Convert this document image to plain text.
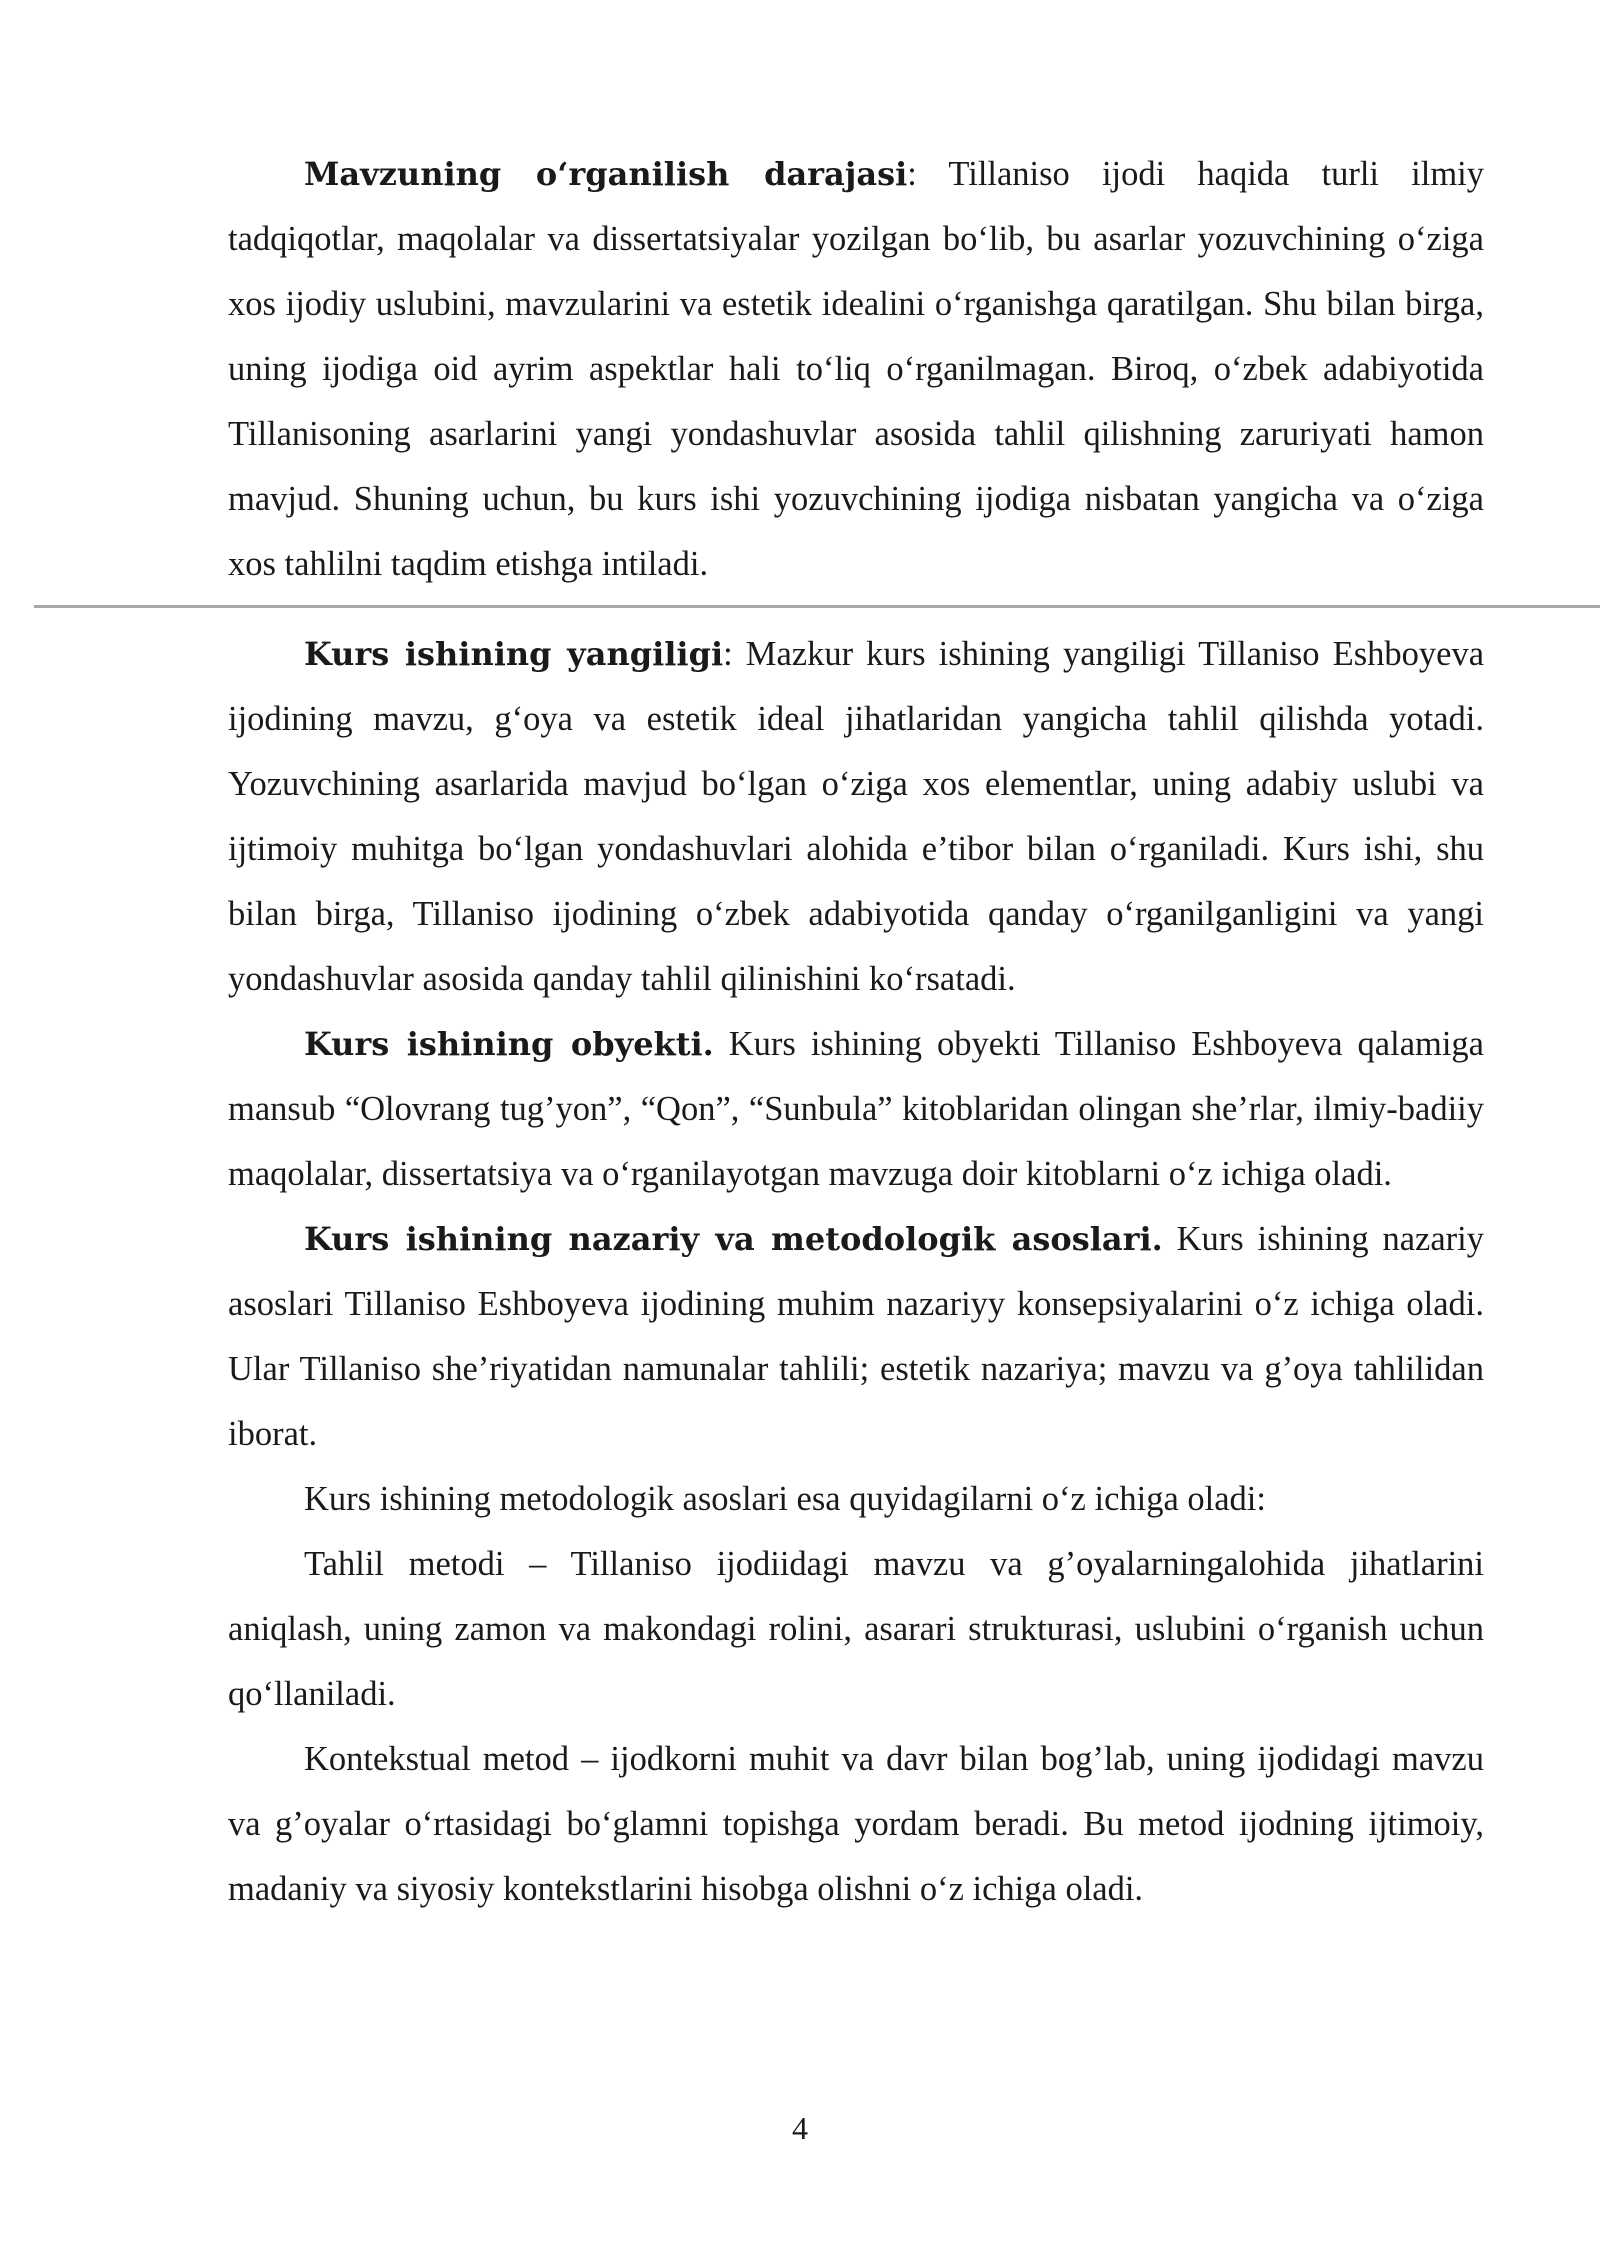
Mavzuning oʻrganilish darajasi: Tillaniso ijodi haqida turli ilmiy tadqiqotlar, maqolalar va dissertatsiyalar yozilgan boʻlib, bu asarlar yozuvchining oʻziga xos ijodiy uslubini, mavzularini va estetik idealini oʻrganishga qaratilgan. Shu bilan birga, uning ijodiga oid ayrim aspektlar hali toʻliq oʻrganilmagan. Biroq, oʻzbek adabiyotida Tillanisoning asarlarini yangi yondashuvlar asosida tahlil qilishning zaruriyati hamon mavjud. Shuning uchun, bu kurs ishi yozuvchining ijodiga nisbatan yangicha va oʻziga xos tahlilni taqdim etishga intiladi.

Kurs ishining yangiligi: Mazkur kurs ishining yangiligi Tillaniso Eshboyeva ijodining mavzu, gʻoya va estetik ideal jihatlaridan yangicha tahlil qilishda yotadi. Yozuvchining asarlarida mavjud boʻlgan oʻziga xos elementlar, uning adabiy uslubi va ijtimoiy muhitga boʻlgan yondashuvlari alohida e’tibor bilan oʻrganiladi. Kurs ishi, shu bilan birga, Tillaniso ijodining oʻzbek adabiyotida qanday oʻrganilganligini va yangi yondashuvlar asosida qanday tahlil qilinishini koʻrsatadi.

Kurs ishining obyekti. Kurs ishining obyekti Tillaniso Eshboyeva qalamiga mansub “Olovrang tug’yon”, “Qon”, “Sunbula” kitoblaridan olingan she’rlar, ilmiy-badiiy maqolalar, dissertatsiya va oʻrganilayotgan mavzuga doir kitoblarni oʻz ichiga oladi.

Kurs ishining nazariy va metodologik asoslari. Kurs ishining nazariy asoslari Tillaniso Eshboyeva ijodining muhim nazariyy konsepsiyalarini oʻz ichiga oladi. Ular Tillaniso she’riyatidan namunalar tahlili; estetik nazariya; mavzu va g’oya tahlilidan iborat.

Kurs ishining metodologik asoslari esa quyidagilarni oʻz ichiga oladi:

Tahlil metodi – Tillaniso ijodiidagi mavzu va g’oyalarningalohida jihatlarini aniqlash, uning zamon va makondagi rolini, asarari strukturasi, uslubini oʻrganish uchun qoʻllaniladi.

Kontekstual metod – ijodkorni muhit va davr bilan bog’lab, uning ijodidagi mavzu va g’oyalar oʻrtasidagi boʻglamni topishga yordam beradi. Bu metod ijodning ijtimoiy, madaniy va siyosiy kontekstlarini hisobga olishni oʻz ichiga oladi.

4
